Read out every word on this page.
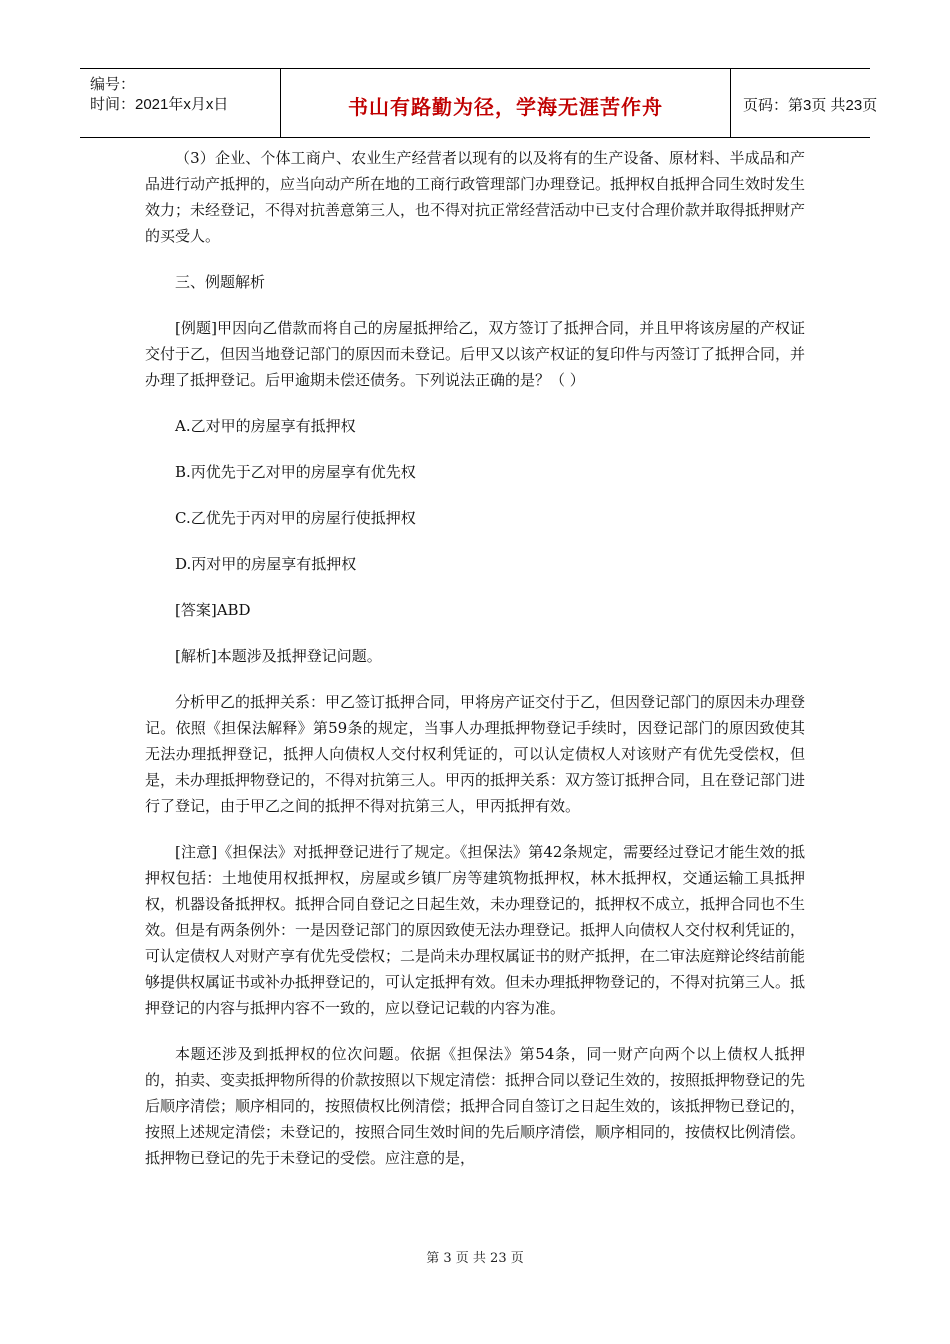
编号：
时间：2021年x月x日	书山有路勤为径，学海无涯苦作舟	页码：第3页 共23页

（3）企业、个体工商户、农业生产经营者以现有的以及将有的生产设备、原材料、半成品和产品进行动产抵押的，应当向动产所在地的工商行政管理部门办理登记。抵押权自抵押合同生效时发生效力；未经登记，不得对抗善意第三人，也不得对抗正常经营活动中已支付合理价款并取得抵押财产的买受人。

三、例题解析

[例题]甲因向乙借款而将自己的房屋抵押给乙，双方签订了抵押合同，并且甲将该房屋的产权证交付于乙，但因当地登记部门的原因而未登记。后甲又以该产权证的复印件与丙签订了抵押合同，并办理了抵押登记。后甲逾期未偿还债务。下列说法正确的是？（ ）

A.乙对甲的房屋享有抵押权

B.丙优先于乙对甲的房屋享有优先权

C.乙优先于丙对甲的房屋行使抵押权

D.丙对甲的房屋享有抵押权

[答案]ABD

[解析]本题涉及抵押登记问题。

分析甲乙的抵押关系：甲乙签订抵押合同，甲将房产证交付于乙，但因登记部门的原因未办理登记。依照《担保法解释》第59条的规定，当事人办理抵押物登记手续时，因登记部门的原因致使其无法办理抵押登记，抵押人向债权人交付权利凭证的，可以认定债权人对该财产有优先受偿权，但是，未办理抵押物登记的，不得对抗第三人。甲丙的抵押关系：双方签订抵押合同，且在登记部门进行了登记，由于甲乙之间的抵押不得对抗第三人，甲丙抵押有效。

[注意]《担保法》对抵押登记进行了规定。《担保法》第42条规定，需要经过登记才能生效的抵押权包括：土地使用权抵押权，房屋或乡镇厂房等建筑物抵押权，林木抵押权，交通运输工具抵押权，机器设备抵押权。抵押合同自登记之日起生效，未办理登记的，抵押权不成立，抵押合同也不生效。但是有两条例外：一是因登记部门的原因致使无法办理登记。抵押人向债权人交付权利凭证的，可认定债权人对财产享有优先受偿权；二是尚未办理权属证书的财产抵押，在二审法庭辩论终结前能够提供权属证书或补办抵押登记的，可认定抵押有效。但未办理抵押物登记的，不得对抗第三人。抵押登记的内容与抵押内容不一致的，应以登记记载的内容为准。

本题还涉及到抵押权的位次问题。依据《担保法》第54条，同一财产向两个以上债权人抵押的，拍卖、变卖抵押物所得的价款按照以下规定清偿：抵押合同以登记生效的，按照抵押物登记的先后顺序清偿；顺序相同的，按照债权比例清偿；抵押合同自签订之日起生效的，该抵押物已登记的，按照上述规定清偿；未登记的，按照合同生效时间的先后顺序清偿，顺序相同的，按债权比例清偿。抵押物已登记的先于未登记的受偿。应注意的是，

第 3 页 共 23 页
